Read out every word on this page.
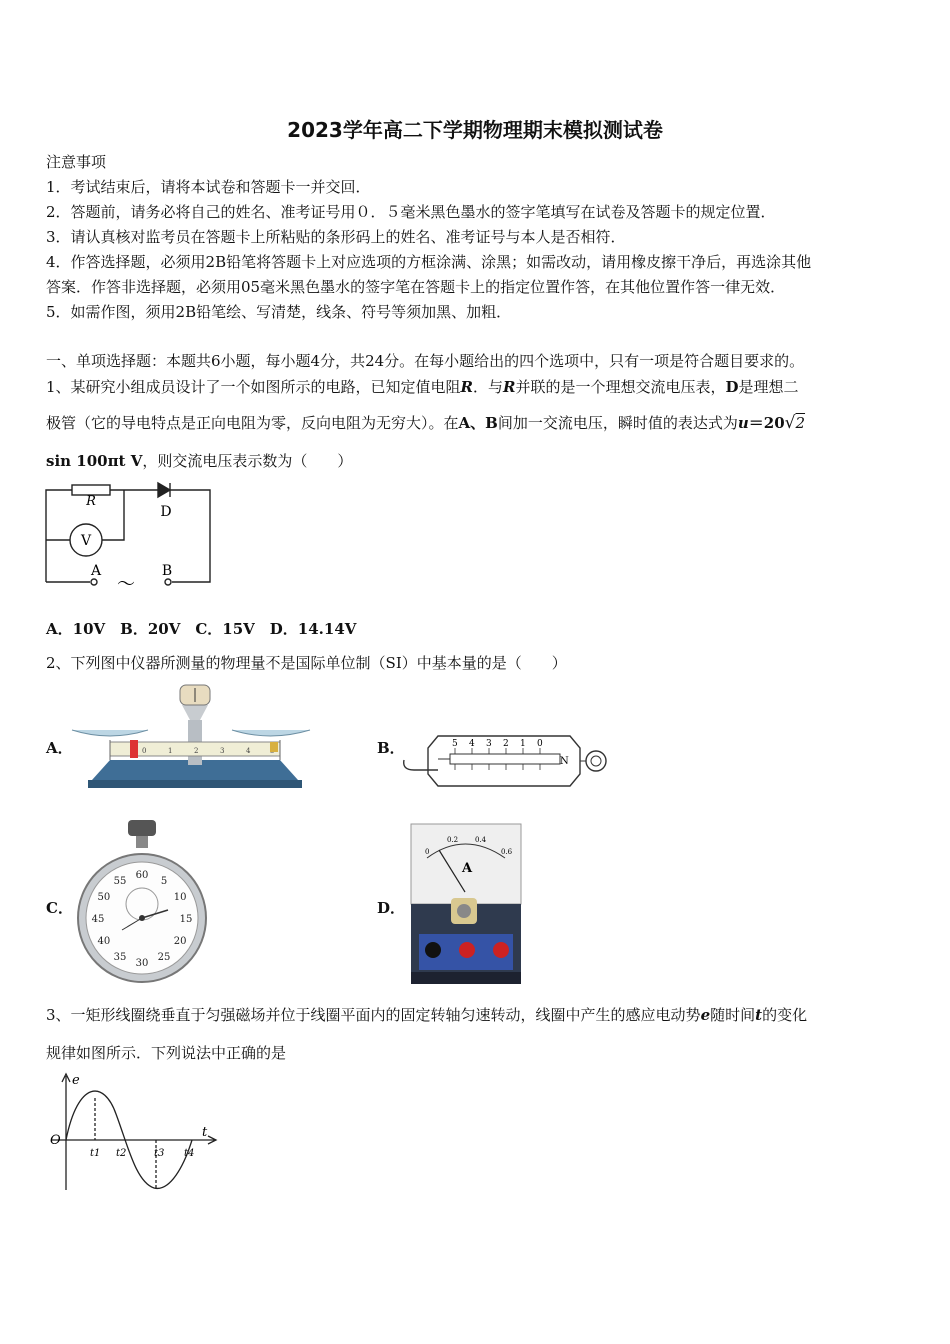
2023学年高二下学期物理期末模拟测试卷
注意事项
1．考试结束后，请将本试卷和答题卡一并交回．
2．答题前，请务必将自己的姓名、准考证号用０．５毫米黑色墨水的签字笔填写在试卷及答题卡的规定位置．
3．请认真核对监考员在答题卡上所粘贴的条形码上的姓名、准考证号与本人是否相符．
4．作答选择题，必须用2B铅笔将答题卡上对应选项的方框涂满、涂黑；如需改动，请用橡皮擦干净后，再选涂其他
答案．作答非选择题，必须用05毫米黑色墨水的签字笔在答题卡上的指定位置作答，在其他位置作答一律无效．
5．如需作图，须用2B铅笔绘、写清楚，线条、符号等须加黑、加粗．
一、单项选择题：本题共6小题，每小题4分，共24分。在每小题给出的四个选项中，只有一项是符合题目要求的。
1、某研究小组成员设计了一个如图所示的电路，已知定值电阻R．与R并联的是一个理想交流电压表，D是理想二
极管（它的导电特点是正向电阻为零，反向电阻为无穷大）。在A、B间加一交流电压，瞬时值的表达式为u＝20√2
sin 100πt V，则交流电压表示数为（　　）
R
D
V
A	B
～
A．10V　B．20V　C．15V　D．14.14V
2、下列图中仪器所测量的物理量不是国际单位制（SI）中基本量的是（　　）
A．	0	1	2	3	4	B．	5 4 3 2 1 0
N
C．
60
5
10
15
20
25
30
35
40
45
50
55
D．
0
0.2 0.4
0.6
A
3、一矩形线圈绕垂直于匀强磁场并位于线圈平面内的固定转轴匀速转动，线圈中产生的感应电动势e随时间t的变化
规律如图所示．下列说法中正确的是
e
t
O
t1 t2	t3 t4
